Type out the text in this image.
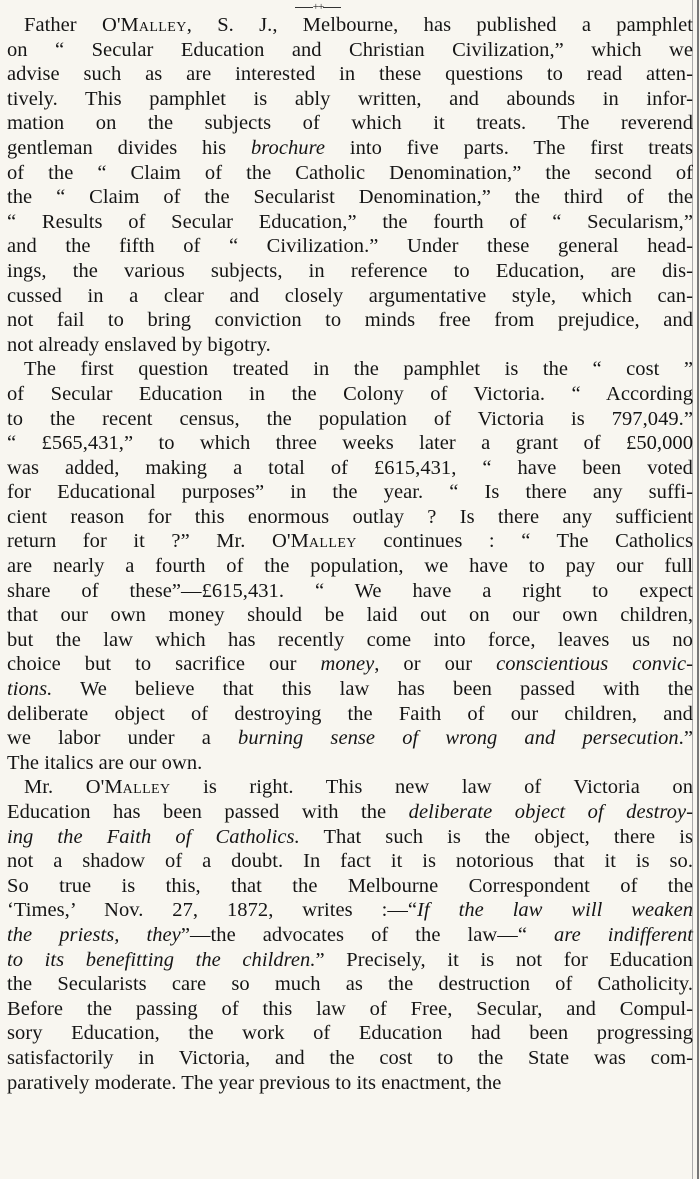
++
Father O'Malley, S. J., Melbourne, has published a pamphlet
on “ Secular Education and Christian Civilization,” which we
advise such as are interested in these questions to read atten-
tively. This pamphlet is ably written, and abounds in infor-
mation on the subjects of which it treats. The reverend
gentleman divides his brochure into five parts. The first treats
of the “ Claim of the Catholic Denomination,” the second of
the “ Claim of the Secularist Denomination,” the third of the
“ Results of Secular Education,” the fourth of “ Secularism,”
and the fifth of “ Civilization.” Under these general head-
ings, the various subjects, in reference to Education, are dis-
cussed in a clear and closely argumentative style, which can-
not fail to bring conviction to minds free from prejudice, and
not already enslaved by bigotry.
The first question treated in the pamphlet is the “ cost ”
of Secular Education in the Colony of Victoria. “ According
to the recent census, the population of Victoria is 797,049.”
“ £565,431,” to which three weeks later a grant of £50,000
was added, making a total of £615,431, “ have been voted
for Educational purposes” in the year. “ Is there any suffi-
cient reason for this enormous outlay ? Is there any sufficient
return for it ?” Mr. O'Malley continues : “ The Catholics
are nearly a fourth of the population, we have to pay our full
share of these”—£615,431. “ We have a right to expect
that our own money should be laid out on our own children,
but the law which has recently come into force, leaves us no
choice but to sacrifice our money, or our conscientious convic-
tions. We believe that this law has been passed with the
deliberate object of destroying the Faith of our children, and
we labor under a burning sense of wrong and persecution.”
The italics are our own.
Mr. O'Malley is right. This new law of Victoria on
Education has been passed with the deliberate object of destroy-
ing the Faith of Catholics. That such is the object, there is
not a shadow of a doubt. In fact it is notorious that it is so.
So true is this, that the Melbourne Correspondent of the
‘Times,’ Nov. 27, 1872, writes :—“If the law will weaken
the priests, they”—the advocates of the law—“ are indifferent
to its benefitting the children.” Precisely, it is not for Education
the Secularists care so much as the destruction of Catholicity.
Before the passing of this law of Free, Secular, and Compul-
sory Education, the work of Education had been progressing
satisfactorily in Victoria, and the cost to the State was com-
paratively moderate. The year previous to its enactment, the
